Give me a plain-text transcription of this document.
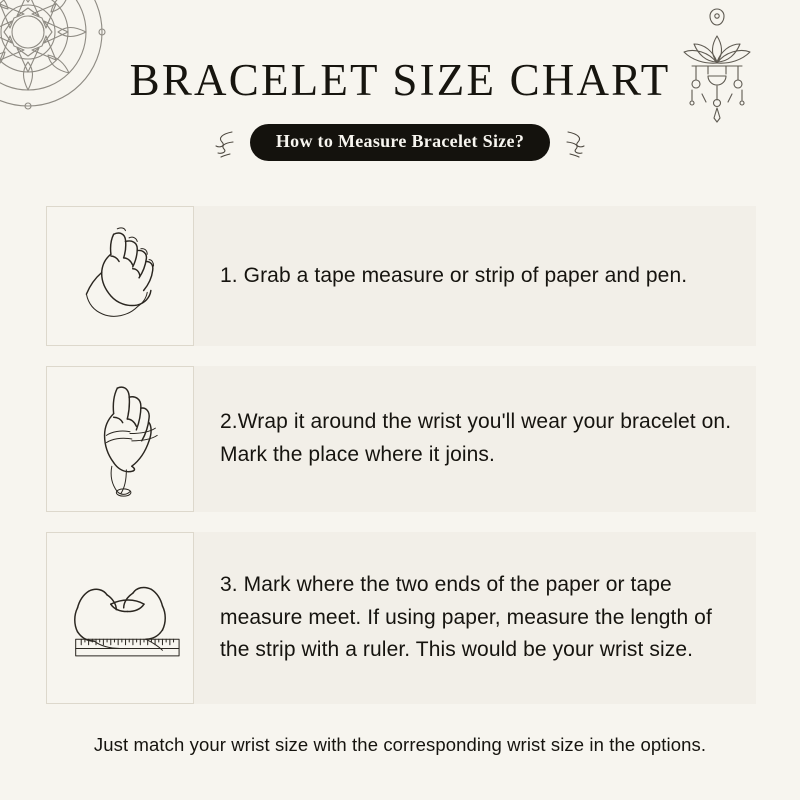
BRACELET SIZE CHART
How to Measure Bracelet Size?
1. Grab a tape measure or strip of paper and pen.
2.Wrap it around the wrist you'll wear your bracelet on. Mark the place where it joins.
3. Mark where the two ends of the paper or tape measure meet. If using paper, measure the length of the strip with a ruler. This would be your wrist size.
Just match your wrist size with the corresponding wrist size in the options.
